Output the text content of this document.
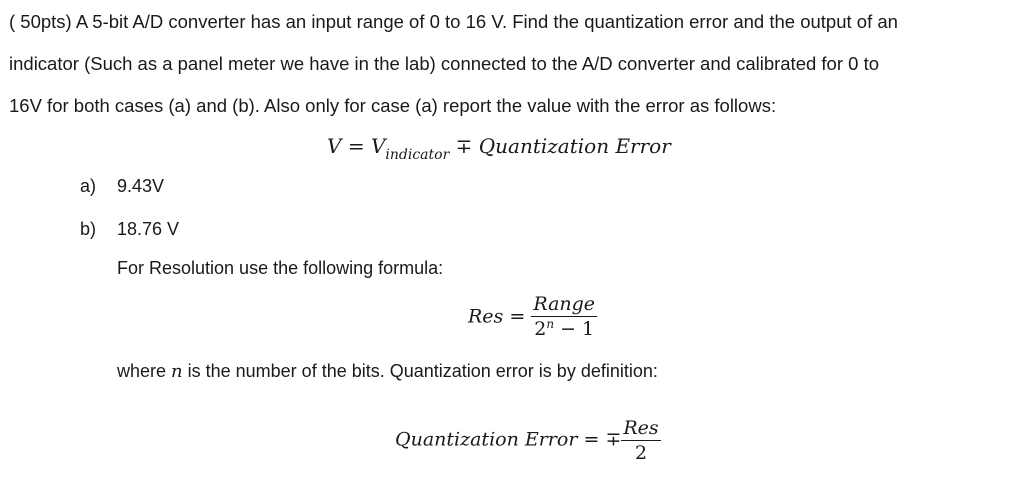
( 50pts) A 5-bit A/D converter has an input range of 0 to 16 V. Find the quantization error and the output of an
indicator (Such as a panel meter we have in the lab) connected to the A/D converter and calibrated for 0 to
16V for both cases (a) and (b). Also only for case (a) report the value with the error as follows:
$V = V_{indicator}$ ∓ Quantization Error
a) 9.43V
b) 18.76 V
For Resolution use the following formula:
Res = $\frac{\text{Range}}{2^n - 1}$
where n is the number of the bits. Quantization error is by definition:
Quantization Error = ∓ $\frac{\text{Res}}{2}$
